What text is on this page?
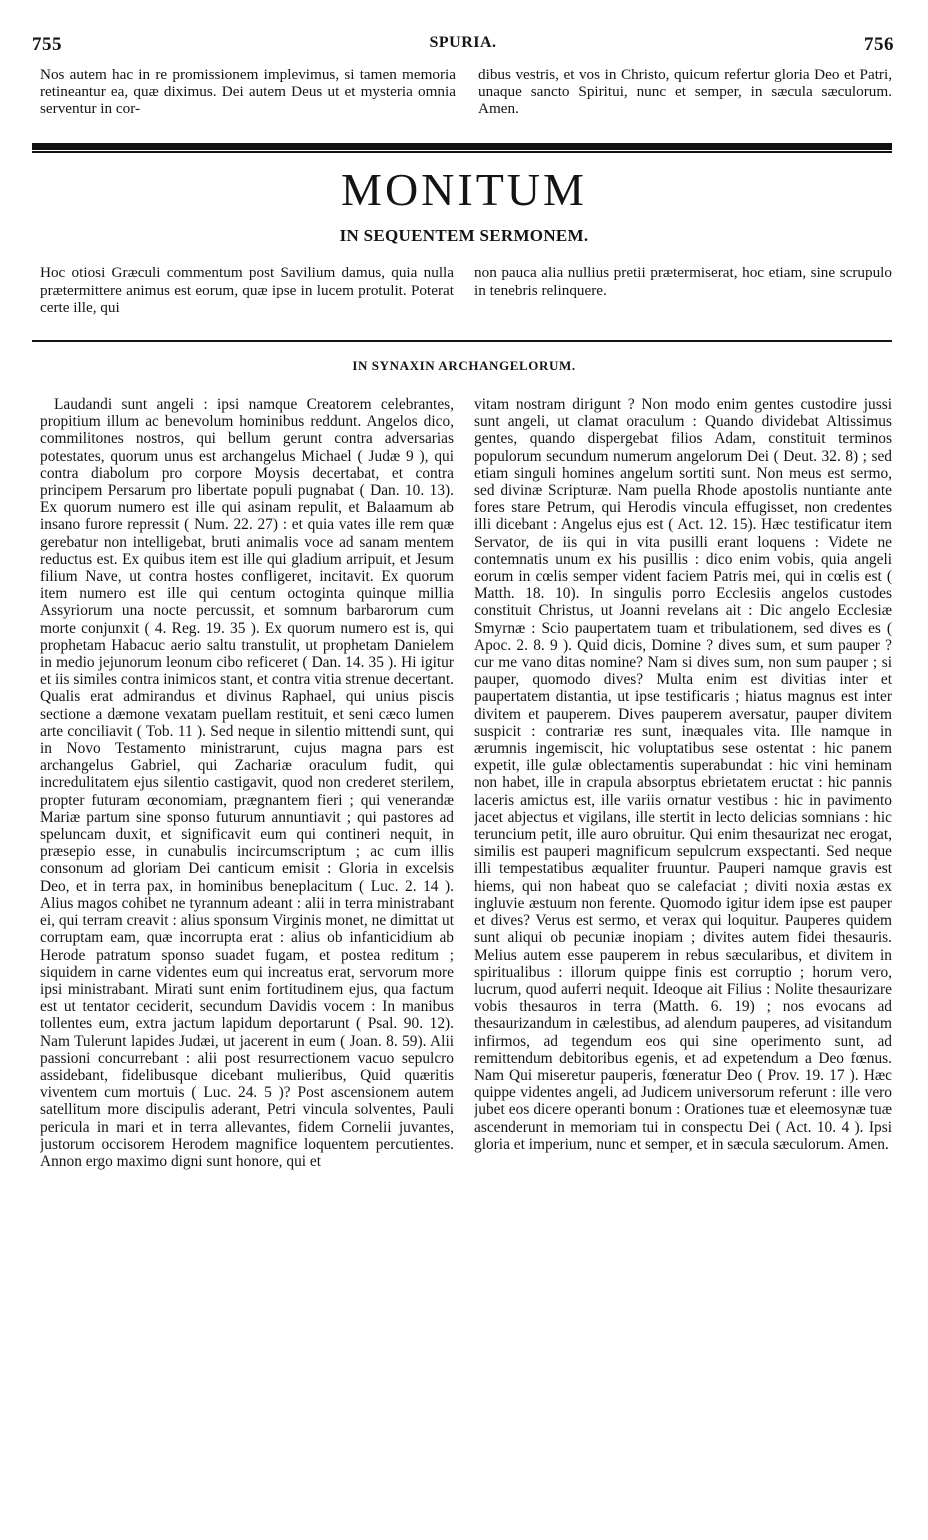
755	SPURIA.	756
Nos autem hac in re promissionem implevimus, si tamen memoria retineantur ea, quæ diximus. Dei autem Deus ut et mysteria omnia serventur in cor-
dibus vestris, et vos in Christo, quicum refertur gloria Deo et Patri, unaque sancto Spiritui, nunc et semper, in sæcula sæculorum. Amen.
MONITUM
IN SEQUENTEM SERMONEM.
Hoc otiosi Græculi commentum post Savilium damus, quia nulla prætermittere animus est eorum, quæ ipse in lucem protulit. Poterat certe ille, qui
non pauca alia nullius pretii prætermiserat, hoc etiam, sine scrupulo in tenebris relinquere.
IN SYNAXIN ARCHANGELORUM.
Laudandi sunt angeli : ipsi namque Creatorem celebrantes, propitium illum ac benevolum hominibus reddunt. Angelos dico, commilitones nostros, qui bellum gerunt contra adversarias potestates, quorum unus est archangelus Michael ( Judæ 9 ), qui contra diabolum pro corpore Moysis decertabat, et contra principem Persarum pro libertate populi pugnabat ( Dan. 10. 13). Ex quorum numero est ille qui asinam repulit, et Balaamum ab insano furore repressit ( Num. 22. 27) : et quia vates ille rem quæ gerebatur non intelligebat, bruti animalis voce ad sanam mentem reductus est. Ex quibus item est ille qui gladium arripuit, et Jesum filium Nave, ut contra hostes confligeret, incitavit. Ex quorum item numero est ille qui centum octoginta quinque millia Assyriorum una nocte percussit, et somnum barbarorum cum morte conjunxit ( 4. Reg. 19. 35 ). Ex quorum numero est is, qui prophetam Habacuc aerio saltu transtulit, ut prophetam Danielem in medio jejunorum leonum cibo reficeret ( Dan. 14. 35 ). Hi igitur et iis similes contra inimicos stant, et contra vitia strenue decertant. Qualis erat admirandus et divinus Raphael, qui unius piscis sectione a dæmone vexatam puellam restituit, et seni cæco lumen arte conciliavit ( Tob. 11 ). Sed neque in silentio mittendi sunt, qui in Novo Testamento ministrarunt, cujus magna pars est archangelus Gabriel, qui Zachariæ oraculum fudit, qui incredulitatem ejus silentio castigavit, quod non crederet sterilem, propter futuram œconomiam, prægnantem fieri ; qui venerandæ Mariæ partum sine sponso futurum annuntiavit ; qui pastores ad speluncam duxit, et significavit eum qui contineri nequit, in præsepio esse, in cunabulis incircumscriptum ; ac cum illis consonum ad gloriam Dei canticum emisit : Gloria in excelsis Deo, et in terra pax, in hominibus beneplacitum ( Luc. 2. 14 ). Alius magos cohibet ne tyrannum adeant : alii in terra ministrabant ei, qui terram creavit : alius sponsum Virginis monet, ne dimittat ut corruptam eam, quæ incorrupta erat : alius ob infanticidium ab Herode patratum sponso suadet fugam, et postea reditum ; siquidem in carne videntes eum qui increatus erat, servorum more ipsi ministrabant. Mirati sunt enim fortitudinem ejus, qua factum est ut tentator ceciderit, secundum Davidis vocem : In manibus tollentes eum, extra jactum lapidum deportarunt ( Psal. 90. 12). Nam Tulerunt lapides Judæi, ut jacerent in eum ( Joan. 8. 59). Alii passioni concurrebant : alii post resurrectionem vacuo sepulcro assidebant, fidelibusque dicebant mulieribus, Quid quæritis viventem cum mortuis ( Luc. 24. 5 )? Post ascensionem autem satellitum more discipulis aderant, Petri vincula solventes, Pauli pericula in mari et in terra allevantes, fidem Cornelii juvantes, justorum occisorem Herodem magnifice loquentem percutientes. Annon ergo maximo digni sunt honore, qui et
vitam nostram dirigunt ? Non modo enim gentes custodire jussi sunt angeli, ut clamat oraculum : Quando dividebat Altissimus gentes, quando dispergebat filios Adam, constituit terminos populorum secundum numerum angelorum Dei ( Deut. 32. 8) ; sed etiam singuli homines angelum sortiti sunt. Non meus est sermo, sed divinæ Scripturæ. Nam puella Rhode apostolis nuntiante ante fores stare Petrum, qui Herodis vincula effugisset, non credentes illi dicebant : Angelus ejus est ( Act. 12. 15). Hæc testificatur item Servator, de iis qui in vita pusilli erant loquens : Videte ne contemnatis unum ex his pusillis : dico enim vobis, quia angeli eorum in cœlis semper vident faciem Patris mei, qui in cœlis est ( Matth. 18. 10). In singulis porro Ecclesiis angelos custodes constituit Christus, ut Joanni revelans ait : Dic angelo Ecclesiæ Smyrnæ : Scio paupertatem tuam et tribulationem, sed dives es ( Apoc. 2. 8. 9 ). Quid dicis, Domine ? dives sum, et sum pauper ? cur me vano ditas nomine? Nam si dives sum, non sum pauper ; si pauper, quomodo dives? Multa enim est divitias inter et paupertatem distantia, ut ipse testificaris ; hiatus magnus est inter divitem et pauperem. Dives pauperem aversatur, pauper divitem suspicit : contrariæ res sunt, inæquales vita. Ille namque in ærumnis ingemiscit, hic voluptatibus sese ostentat : hic panem expetit, ille gulæ oblectamentis superabundat : hic vini heminam non habet, ille in crapula absorptus ebrietatem eructat : hic pannis laceris amictus est, ille variis ornatur vestibus : hic in pavimento jacet abjectus et vigilans, ille stertit in lecto delicias somnians : hic teruncium petit, ille auro obruitur. Qui enim thesaurizat nec erogat, similis est pauperi magnificum sepulcrum exspectanti. Sed neque illi tempestatibus æqualiter fruuntur. Pauperi namque gravis est hiems, qui non habeat quo se calefaciat ; diviti noxia æstas ex ingluvie æstuum non ferente. Quomodo igitur idem ipse est pauper et dives? Verus est sermo, et verax qui loquitur. Pauperes quidem sunt aliqui ob pecuniæ inopiam ; divites autem fidei thesauris. Melius autem esse pauperem in rebus sæcularibus, et divitem in spiritualibus : illorum quippe finis est corruptio ; horum vero, lucrum, quod auferri nequit. Ideoque ait Filius : Nolite thesaurizare vobis thesauros in terra (Matth. 6. 19) ; nos evocans ad thesaurizandum in cælestibus, ad alendum pauperes, ad visitandum infirmos, ad tegendum eos qui sine operimento sunt, ad remittendum debitoribus egenis, et ad expetendum a Deo fœnus. Nam Qui miseretur pauperis, fœneratur Deo ( Prov. 19. 17 ). Hæc quippe videntes angeli, ad Judicem universorum referunt : ille vero jubet eos dicere operanti bonum : Orationes tuæ et eleemosynæ tuæ ascenderunt in memoriam tui in conspectu Dei ( Act. 10. 4 ). Ipsi gloria et imperium, nunc et semper, et in sæcula sæculorum. Amen.
